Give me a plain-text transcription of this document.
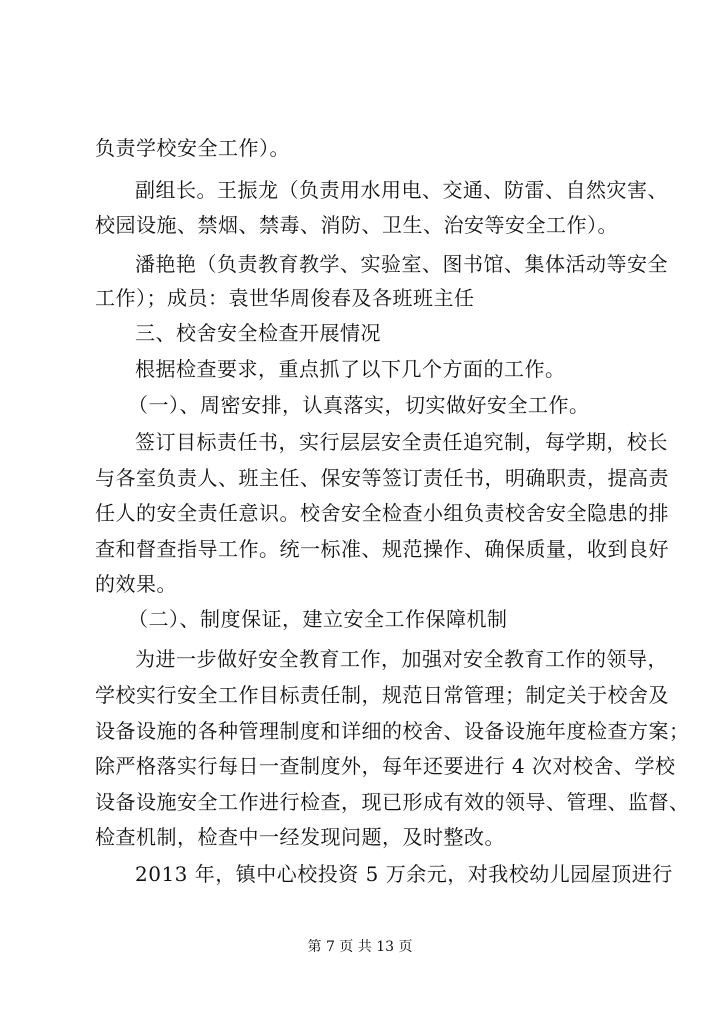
负责学校安全工作）。
副组长。王振龙（负责用水用电、交通、防雷、自然灾害、
校园设施、禁烟、禁毒、消防、卫生、治安等安全工作）。
潘艳艳（负责教育教学、实验室、图书馆、集体活动等安全
工作）；成员：袁世华周俊春及各班班主任
三、校舍安全检查开展情况
根据检查要求，重点抓了以下几个方面的工作。
（一）、周密安排，认真落实，切实做好安全工作。
签订目标责任书，实行层层安全责任追究制，每学期，校长
与各室负责人、班主任、保安等签订责任书，明确职责，提高责
任人的安全责任意识。校舍安全检查小组负责校舍安全隐患的排
查和督查指导工作。统一标准、规范操作、确保质量，收到良好
的效果。
（二）、制度保证，建立安全工作保障机制
为进一步做好安全教育工作，加强对安全教育工作的领导，
学校实行安全工作目标责任制，规范日常管理；制定关于校舍及
设备设施的各种管理制度和详细的校舍、设备设施年度检查方案；
除严格落实行每日一查制度外，每年还要进行 4 次对校舍、学校
设备设施安全工作进行检查，现已形成有效的领导、管理、监督、
检查机制，检查中一经发现问题，及时整改。
2013 年，镇中心校投资 5 万余元，对我校幼儿园屋顶进行
第 7 页 共 13 页
